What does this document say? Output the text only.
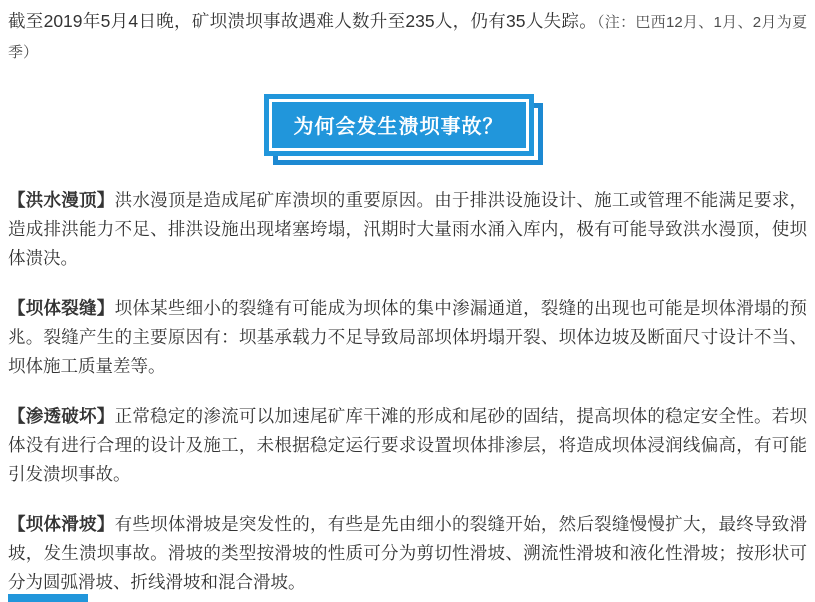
截至2019年5月4日晚，矿坝溃坝事故遇难人数升至235人，仍有35人失踪。（注：巴西12月、1月、2月为夏季）

为何会发生溃坝事故？

【洪水漫顶】洪水漫顶是造成尾矿库溃坝的重要原因。由于排洪设施设计、施工或管理不能满足要求，造成排洪能力不足、排洪设施出现堵塞垮塌，汛期时大量雨水涌入库内，极有可能导致洪水漫顶，使坝体溃决。

【坝体裂缝】坝体某些细小的裂缝有可能成为坝体的集中渗漏通道，裂缝的出现也可能是坝体滑塌的预兆。裂缝产生的主要原因有：坝基承载力不足导致局部坝体坍塌开裂、坝体边坡及断面尺寸设计不当、坝体施工质量差等。

【渗透破坏】正常稳定的渗流可以加速尾矿库干滩的形成和尾砂的固结，提高坝体的稳定安全性。若坝体没有进行合理的设计及施工，未根据稳定运行要求设置坝体排渗层，将造成坝体浸润线偏高，有可能引发溃坝事故。

【坝体滑坡】有些坝体滑坡是突发性的，有些是先由细小的裂缝开始，然后裂缝慢慢扩大，最终导致滑坡，发生溃坝事故。滑坡的类型按滑坡的性质可分为剪切性滑坡、溯流性滑坡和液化性滑坡；按形状可分为圆弧滑坡、折线滑坡和混合滑坡。
